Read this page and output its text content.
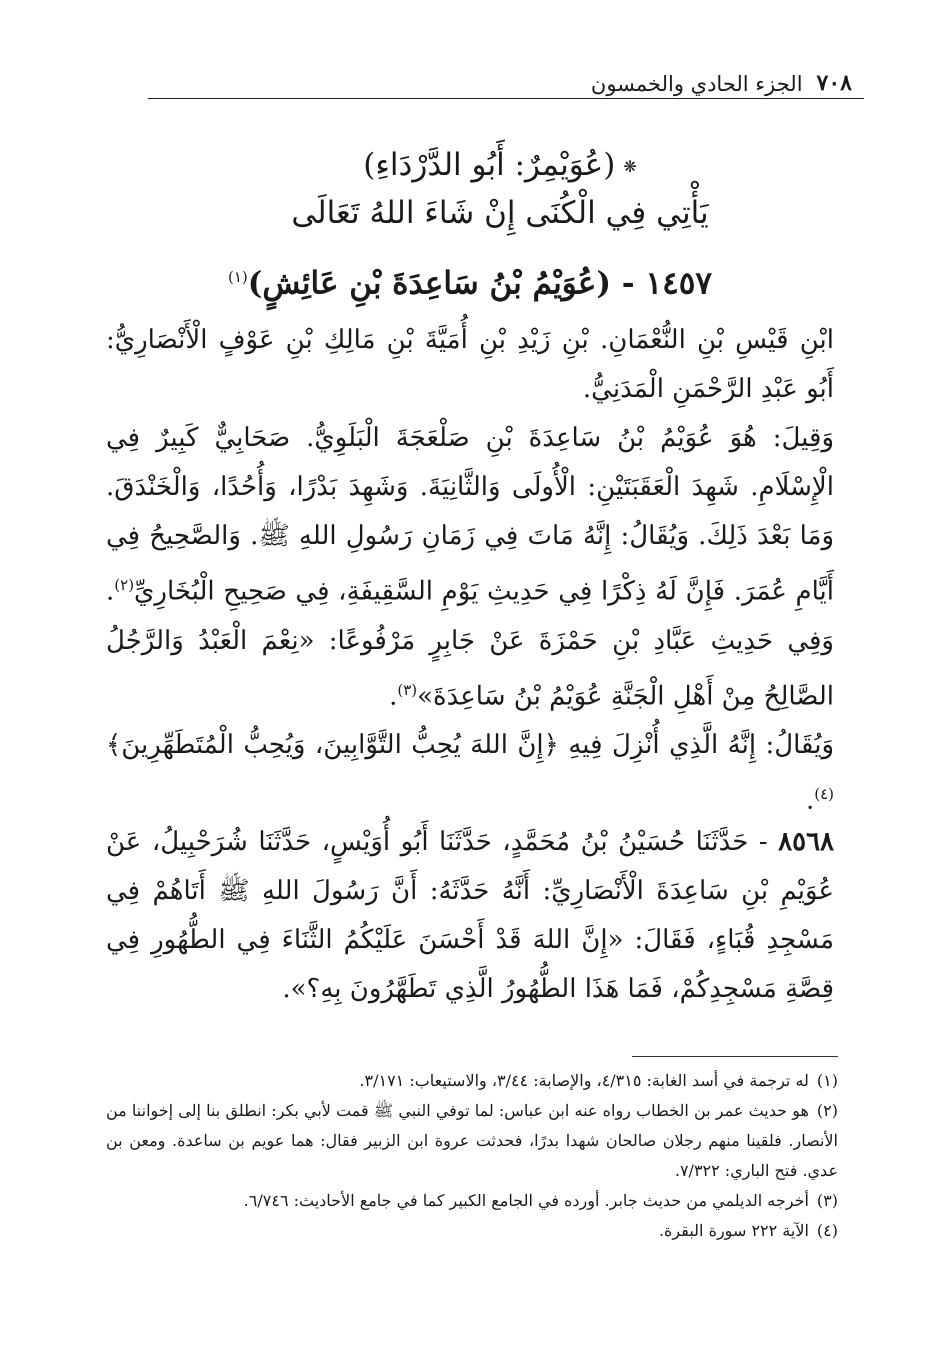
٧٠٨
الجزء الحادي والخمسون
❋(عُوَيْمِرٌ: أَبُو الدَّرْدَاءِ)
يَأْتِي فِي الْكُنَى إِنْ شَاءَ اللهُ تَعَالَى
١٤٥٧ - (عُوَيْمُ بْنُ سَاعِدَةَ بْنِ عَائِشٍ)$^{(١)}$

ابْنِ قَيْسِ بْنِ النُّعْمَانِ. بْنِ زَيْدِ بْنِ أُمَيَّةَ بْنِ مَالِكِ بْنِ عَوْفٍ الْأَنْصَارِيُّ: أَبُو عَبْدِ الرَّحْمَنِ الْمَدَنِيُّ.

وَقِيلَ: هُوَ عُوَيْمُ بْنُ سَاعِدَةَ بْنِ صَلْعَجَةَ الْبَلَوِيُّ. صَحَابِيٌّ كَبِيرٌ فِي الْإِسْلَامِ. شَهِدَ الْعَقَبَتَيْنِ: الْأُولَى وَالثَّانِيَةَ. وَشَهِدَ بَدْرًا، وَأُحُدًا، وَالْخَنْدَقَ. وَمَا بَعْدَ ذَلِكَ. وَيُقَالُ: إِنَّهُ مَاتَ فِي زَمَانِ رَسُولِ اللهِ ﷺ. وَالصَّحِيحُ فِي أَيَّامِ عُمَرَ. فَإِنَّ لَهُ ذِكْرًا فِي حَدِيثِ يَوْمِ السَّقِيفَةِ، فِي صَحِيحِ الْبُخَارِيِّ$^{(٢)}$. وَفِي حَدِيثِ عَبَّادِ بْنِ حَمْزَةَ عَنْ جَابِرٍ مَرْفُوعًا: «نِعْمَ الْعَبْدُ وَالرَّجُلُ الصَّالِحُ مِنْ أَهْلِ الْجَنَّةِ عُوَيْمُ بْنُ سَاعِدَةَ»$^{(٣)}$.

وَيُقَالُ: إِنَّهُ الَّذِي أُنْزِلَ فِيهِ ﴿إِنَّ اللهَ يُحِبُّ التَّوَّابِينَ، وَيُحِبُّ الْمُتَطَهِّرِينَ﴾$^{(٤)}$.

٨٥٦٨ - حَدَّثَنَا حُسَيْنُ بْنُ مُحَمَّدٍ، حَدَّثَنَا أَبُو أُوَيْسٍ، حَدَّثَنَا شُرَحْبِيلُ، عَنْ عُوَيْمِ بْنِ سَاعِدَةَ الْأَنْصَارِيِّ: أَنَّهُ حَدَّثَهُ: أَنَّ رَسُولَ اللهِ ﷺ أَتَاهُمْ فِي مَسْجِدِ قُبَاءٍ، فَقَالَ: «إِنَّ اللهَ قَدْ أَحْسَنَ عَلَيْكُمُ الثَّنَاءَ فِي الطُّهُورِ فِي قِصَّةِ مَسْجِدِكُمْ، فَمَا هَذَا الطُّهُورُ الَّذِي تَطَهَّرُونَ بِهِ؟».

(١)له ترجمة في أسد الغابة: ٤/٣١٥، والإصابة: ٣/٤٤، والاستيعاب: ٣/١٧١.

(٢)هو حديث عمر بن الخطاب رواه عنه ابن عباس: لما توفي النبي ﷺ قمت لأبي بكر: انطلق بنا إلى إخواننا من الأنصار. فلقينا منهم رجلان صالحان شهدا بدرًا، فحدثت عروة ابن الزبير فقال: هما عويم بن ساعدة. ومعن بن عدي. فتح الباري: ٧/٣٢٢.

(٣)أخرجه الديلمي من حديث جابر. أورده في الجامع الكبير كما في جامع الأحاديث: ٦/٧٤٦.

(٤)الآية ٢٢٢ سورة البقرة.
